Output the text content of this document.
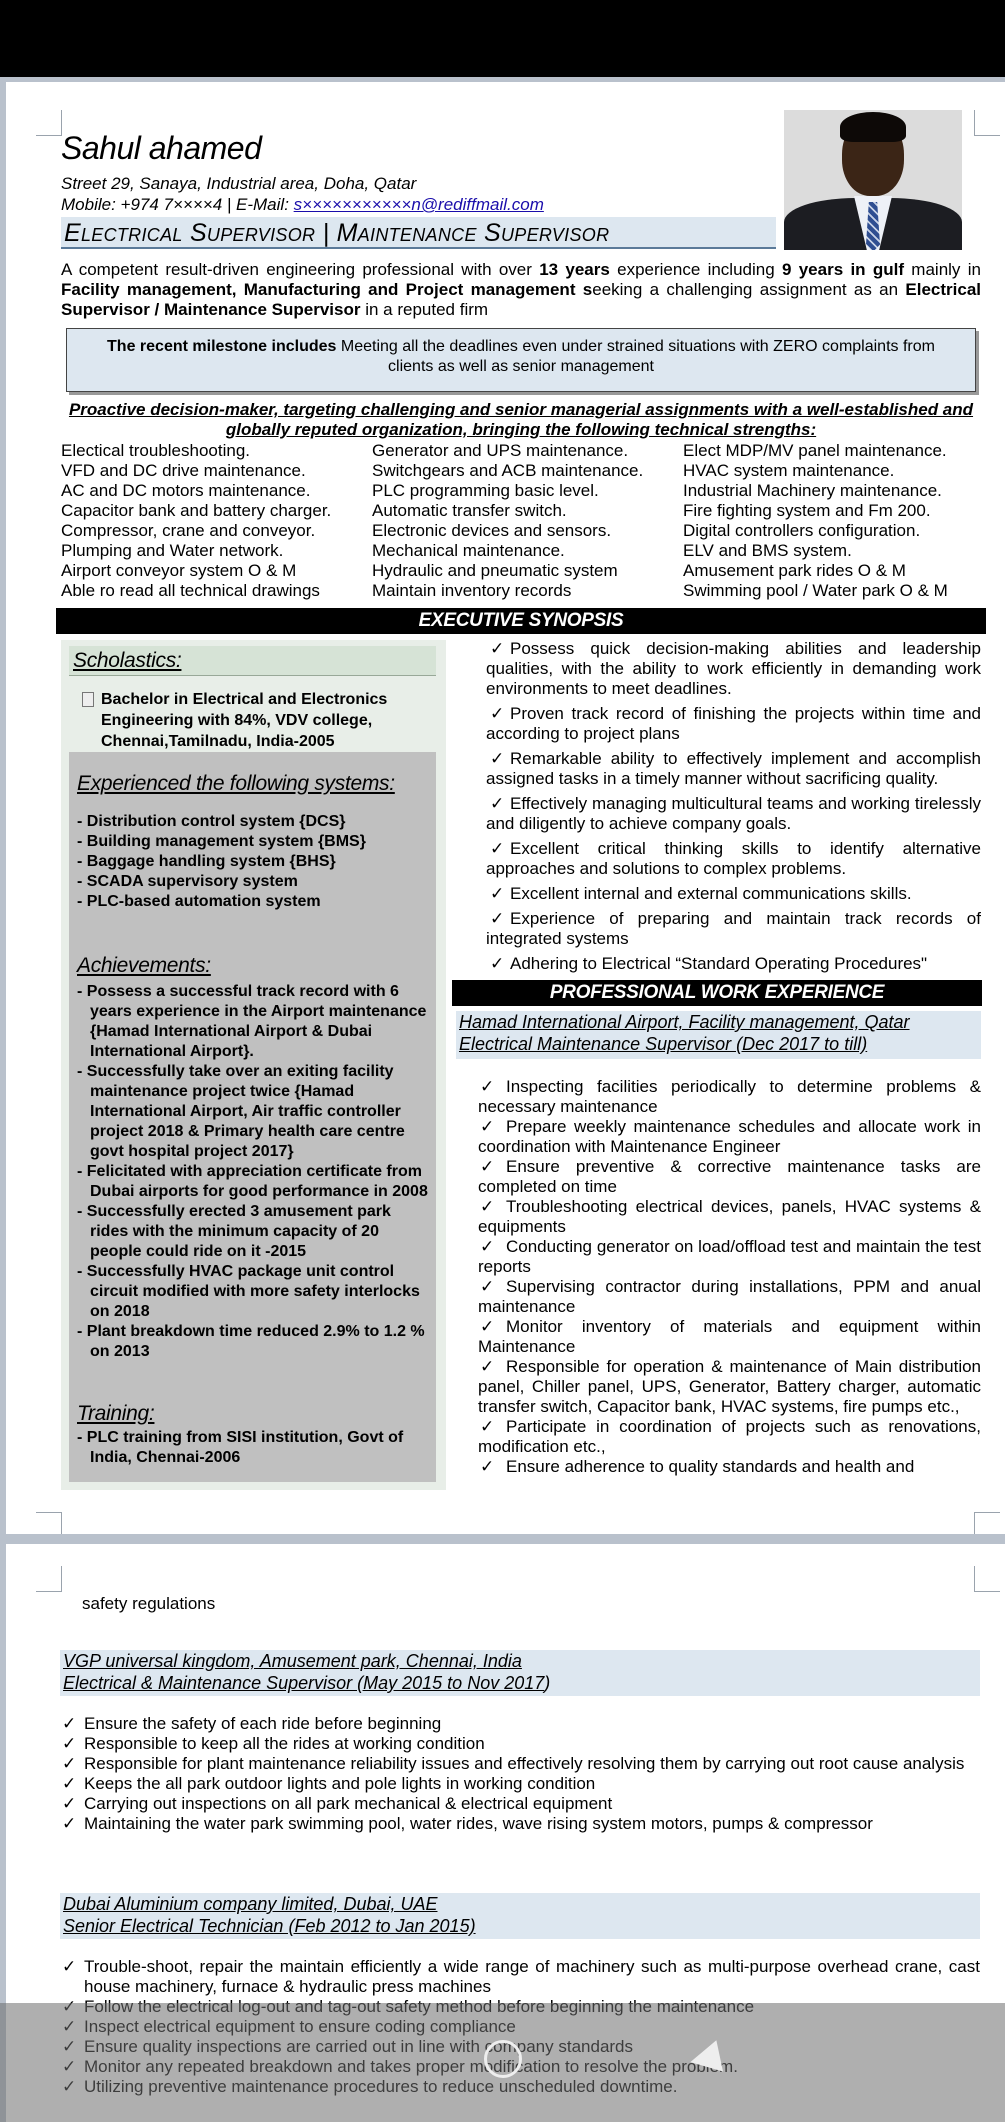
Sahul ahamed
Street 29, Sanaya, Industrial area, Doha, Qatar
Mobile: +974 7××××4 | E-Mail: s×××××××××××n@rediffmail.com
Electrical Supervisor | Maintenance Supervisor
A competent result-driven engineering professional with over 13 years experience including 9 years in gulf mainly in Facility management, Manufacturing and Project management seeking a challenging assignment as an Electrical Supervisor / Maintenance Supervisor in a reputed firm
The recent milestone includes Meeting all the deadlines even under strained situations with ZERO complaints from clients as well as senior management
Proactive decision-maker, targeting challenging and senior managerial assignments with a well-established and globally reputed organization, bringing the following technical strengths:
Electical troubleshooting.	Generator and UPS maintenance.	Elect MDP/MV panel maintenance.
VFD and DC drive maintenance.	Switchgears and ACB maintenance.	HVAC system maintenance.
AC and DC motors maintenance.	PLC programming basic level.	Industrial Machinery maintenance.
Capacitor bank and battery charger.	Automatic transfer switch.	Fire fighting system and Fm 200.
Compressor, crane and conveyor.	Electronic devices and sensors.	Digital controllers configuration.
Plumping and Water network.	Mechanical maintenance.	ELV and BMS system.
Airport conveyor system O & M	Hydraulic and pneumatic system	Amusement park rides O & M
Able ro read all technical drawings	Maintain inventory records	Swimming pool / Water park O & M
EXECUTIVE SYNOPSIS
Scholastics:
Bachelor in Electrical and Electronics Engineering with 84%, VDV college, Chennai,Tamilnadu, India-2005
Experienced the following systems:
- Distribution control system {DCS}
- Building management system {BMS}
- Baggage handling system {BHS}
- SCADA supervisory system
- PLC-based automation system
Achievements:
- Possess a successful track record with 6 years experience in the Airport maintenance {Hamad International Airport & Dubai International Airport}.
- Successfully take over an exiting facility maintenance project twice {Hamad International Airport, Air traffic controller project 2018 & Primary health care centre govt hospital project 2017}
- Felicitated with appreciation certificate from Dubai airports for good performance in 2008
- Successfully erected 3 amusement park rides with the minimum capacity of 20 people could ride on it -2015
- Successfully HVAC package unit control circuit modified with more safety interlocks on 2018
- Plant breakdown time reduced 2.9% to 1.2 % on 2013
Training:
- PLC training from SISI institution, Govt of India, Chennai-2006
✓ Possess quick decision-making abilities and leadership qualities, with the ability to work efficiently in demanding work environments to meet deadlines.
✓ Proven track record of finishing the projects within time and according to project plans
✓ Remarkable ability to effectively implement and accomplish assigned tasks in a timely manner without sacrificing quality.
✓ Effectively managing multicultural teams and working tirelessly and diligently to achieve company goals.
✓ Excellent critical thinking skills to identify alternative approaches and solutions to complex problems.
✓ Excellent internal and external communications skills.
✓ Experience of preparing and maintain track records of integrated systems
✓ Adhering to Electrical “Standard Operating Procedures"
PROFESSIONAL WORK EXPERIENCE
Hamad International Airport, Facility management, Qatar
Electrical Maintenance Supervisor (Dec 2017 to till)
✓ Inspecting facilities periodically to determine problems & necessary maintenance
✓ Prepare weekly maintenance schedules and allocate work in coordination with Maintenance Engineer
✓ Ensure preventive & corrective maintenance tasks are completed on time
✓ Troubleshooting electrical devices, panels, HVAC systems & equipments
✓ Conducting generator on load/offload test and maintain the test reports
✓ Supervising contractor during installations, PPM and anual maintenance
✓ Monitor inventory of materials and equipment within Maintenance
✓ Responsible for operation & maintenance of Main distribution panel, Chiller panel, UPS, Generator, Battery charger, automatic transfer switch, Capacitor bank, HVAC systems, fire pumps etc.,
✓ Participate in coordination of projects such as renovations, modification etc.,
✓ Ensure adherence to quality standards and health and
safety regulations
VGP universal kingdom, Amusement park, Chennai, India
Electrical & Maintenance Supervisor (May 2015 to Nov 2017)
✓ Ensure the safety of each ride before beginning
✓ Responsible to keep all the rides at working condition
✓ Responsible for plant maintenance reliability issues and effectively resolving them by carrying out root cause analysis
✓ Keeps the all park outdoor lights and pole lights in working condition
✓ Carrying out inspections on all park mechanical & electrical equipment
✓ Maintaining the water park swimming pool, water rides, wave rising system motors, pumps & compressor
Dubai Aluminium company limited, Dubai, UAE
Senior Electrical Technician (Feb 2012 to Jan 2015)
✓ Trouble-shoot, repair the maintain efficiently a wide range of machinery such as multi-purpose overhead crane, cast house machinery, furnace & hydraulic press machines
